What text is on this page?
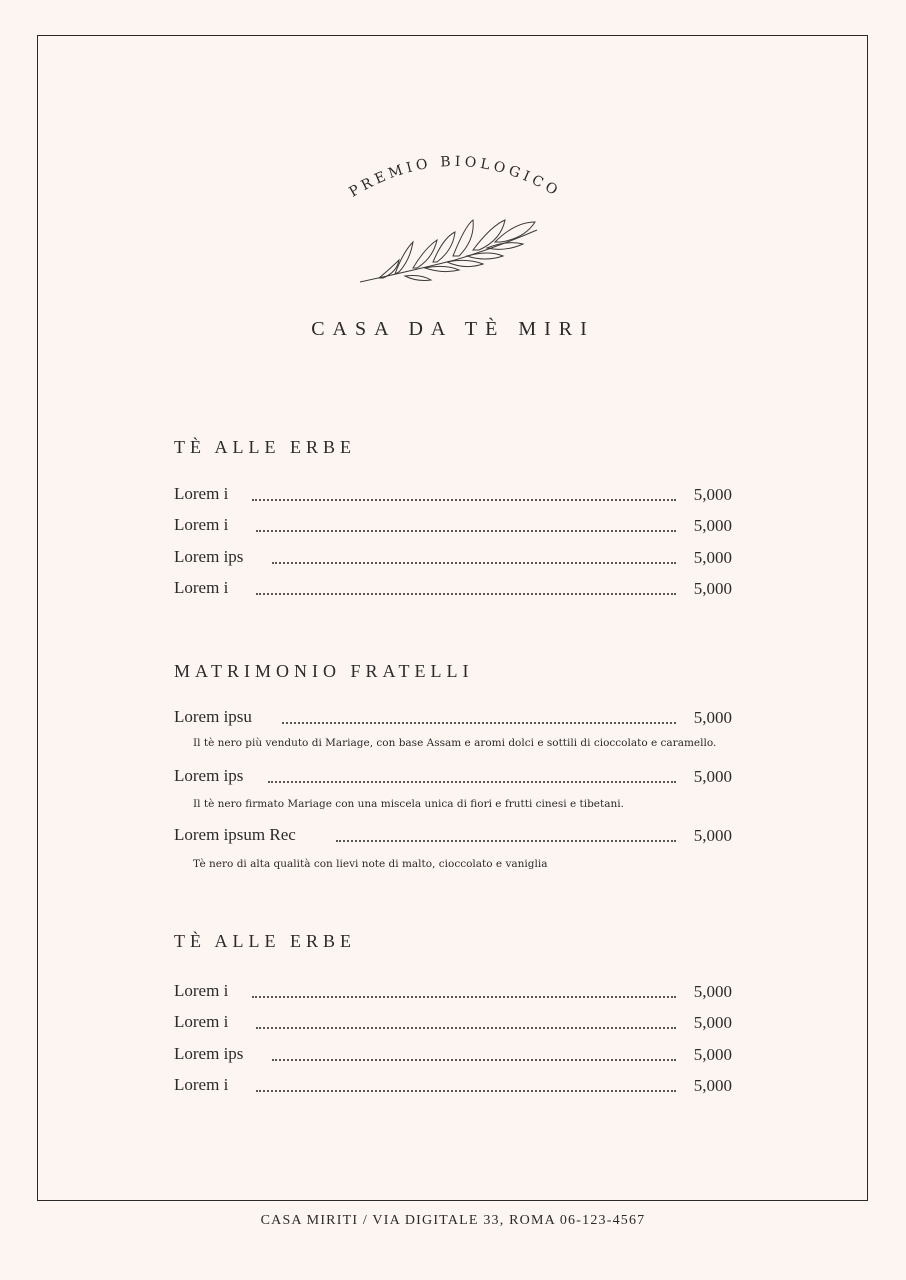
PREMIO BIOLOGICO
CASA DA TÈ MIRI
TÈ ALLE ERBE
Lorem i	5,000
Lorem i	5,000
Lorem ips	5,000
Lorem i	5,000
MATRIMONIO FRATELLI
Lorem ipsu	5,000
Il tè nero più venduto di Mariage, con base Assam e aromi dolci e sottili di cioccolato e caramello.
Lorem ips	5,000
Il tè nero firmato Mariage con una miscela unica di fiori e frutti cinesi e tibetani.
Lorem ipsum Rec	5,000
Tè nero di alta qualità con lievi note di malto, cioccolato e vaniglia
TÈ ALLE ERBE
Lorem i	5,000
Lorem i	5,000
Lorem ips	5,000
Lorem i	5,000
CASA MIRITI / VIA DIGITALE 33, ROMA 06-123-4567
